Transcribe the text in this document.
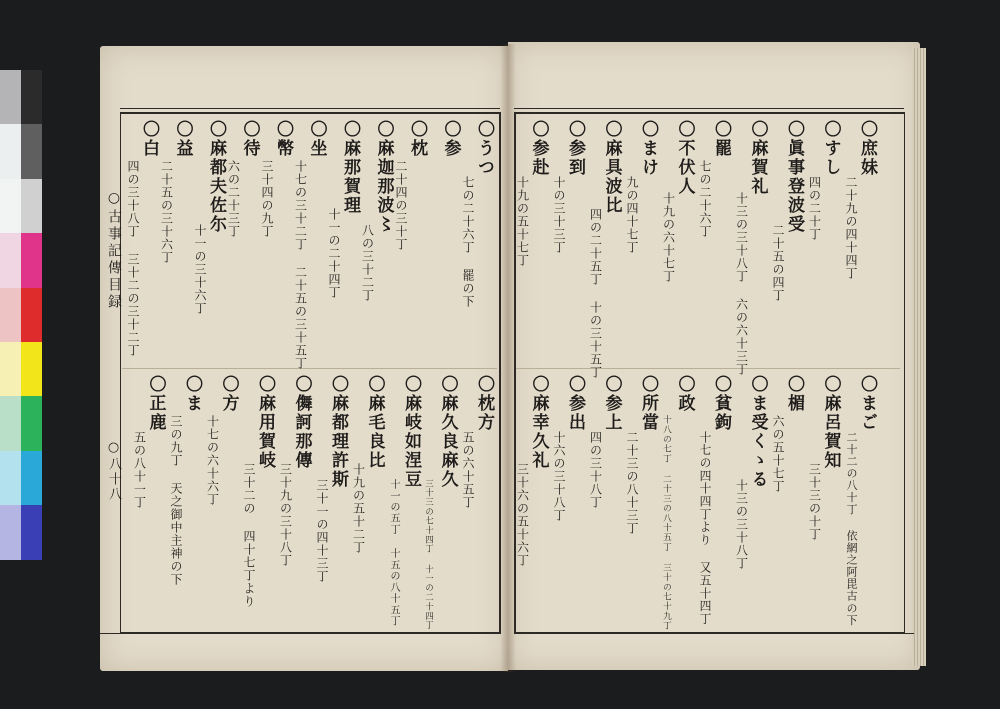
○古事記傳目録
○八十八
〇うつ
七の二十六丁 罷の下
〇参
〇枕
二十四の三十丁
〇麻迦那波〻
八の三十二丁
〇麻那賀理
十一の二十四丁
〇坐
十七の三十二丁 二十五の三十五丁
〇幣
三十四の九丁
〇待
六の二十三丁
〇麻都夫佐尓
十一の三十六丁
〇益
二十五の三十六丁
〇白
四の三十八丁 三十二の三十二丁
〇枕方
五の六十五丁
〇麻久良麻久
三十三の七十四丁 十一の二十四丁
〇麻岐如涅豆
十一の五丁 十五の八十五丁
〇麻毛良比
十九の五十二丁
〇麻都理許斯
三十一の四十三丁
〇儛訶那傳
三十九の三十八丁
〇麻用賀岐
三十二の 四十七丁より
〇方
十七の六十六丁
〇ま
三の九丁 天之御中主神の下
〇正鹿
五の八十一丁
〇庶妹
二十九の四十四丁
〇すし
四の二十丁
〇眞事登波受
二十五の四丁
〇麻賀礼
十三の三十八丁 六の六十三丁
〇罷
七の二十六丁
〇不伏人
十九の六十七丁
〇まけ
九の四十七丁
〇麻具波比
四の二十五丁 十の三十五丁
〇参到
十の三十三丁
〇参赴
十九の五十七丁
〇まご
二十二の八十丁 依網之阿毘古の下
〇麻呂賀知
三十三の十丁
〇楣
六の五十七丁
〇ま受くゝる
十三の三十八丁
〇貧鉤
十七の四十四丁より 又五十四丁
〇政
十八の七丁 二十三の八十五丁 三十の七十九丁
〇所當
二十三の八十三丁
〇参上
四の三十八丁
〇参出
十六の三十八丁
〇麻幸久礼
三十六の五十六丁
